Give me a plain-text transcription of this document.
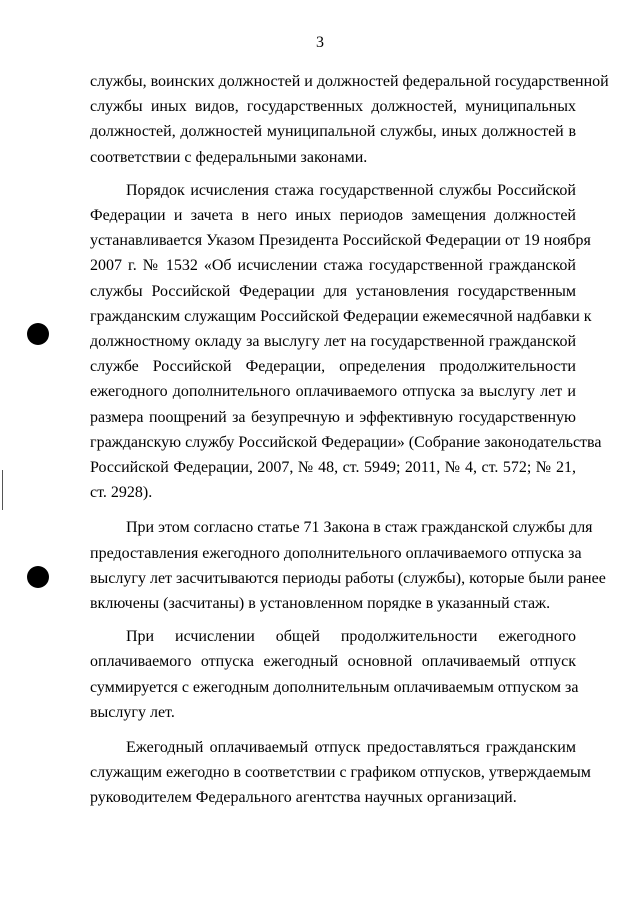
3

службы, воинских должностей и должностей федеральной государственной
службы иных видов, государственных должностей, муниципальных
должностей, должностей муниципальной службы, иных должностей в
соответствии с федеральными законами.

Порядок исчисления стажа государственной службы Российской
Федерации и зачета в него иных периодов замещения должностей
устанавливается Указом Президента Российской Федерации от 19 ноября
2007 г. № 1532 «Об исчислении стажа государственной гражданской
службы Российской Федерации для установления государственным
гражданским служащим Российской Федерации ежемесячной надбавки к
должностному окладу за выслугу лет на государственной гражданской
службе Российской Федерации, определения продолжительности
ежегодного дополнительного оплачиваемого отпуска за выслугу лет и
размера поощрений за безупречную и эффективную государственную
гражданскую службу Российской Федерации» (Собрание законодательства
Российской Федерации, 2007, № 48, ст. 5949; 2011, № 4, ст. 572; № 21,
ст. 2928).

При этом согласно статье 71 Закона в стаж гражданской службы для
предоставления ежегодного дополнительного оплачиваемого отпуска за
выслугу лет засчитываются периоды работы (службы), которые были ранее
включены (засчитаны) в установленном порядке в указанный стаж.

При исчислении общей продолжительности ежегодного
оплачиваемого отпуска ежегодный основной оплачиваемый отпуск
суммируется с ежегодным дополнительным оплачиваемым отпуском за
выслугу лет.

Ежегодный оплачиваемый отпуск предоставляться гражданским
служащим ежегодно в соответствии с графиком отпусков, утверждаемым
руководителем Федерального агентства научных организаций.
